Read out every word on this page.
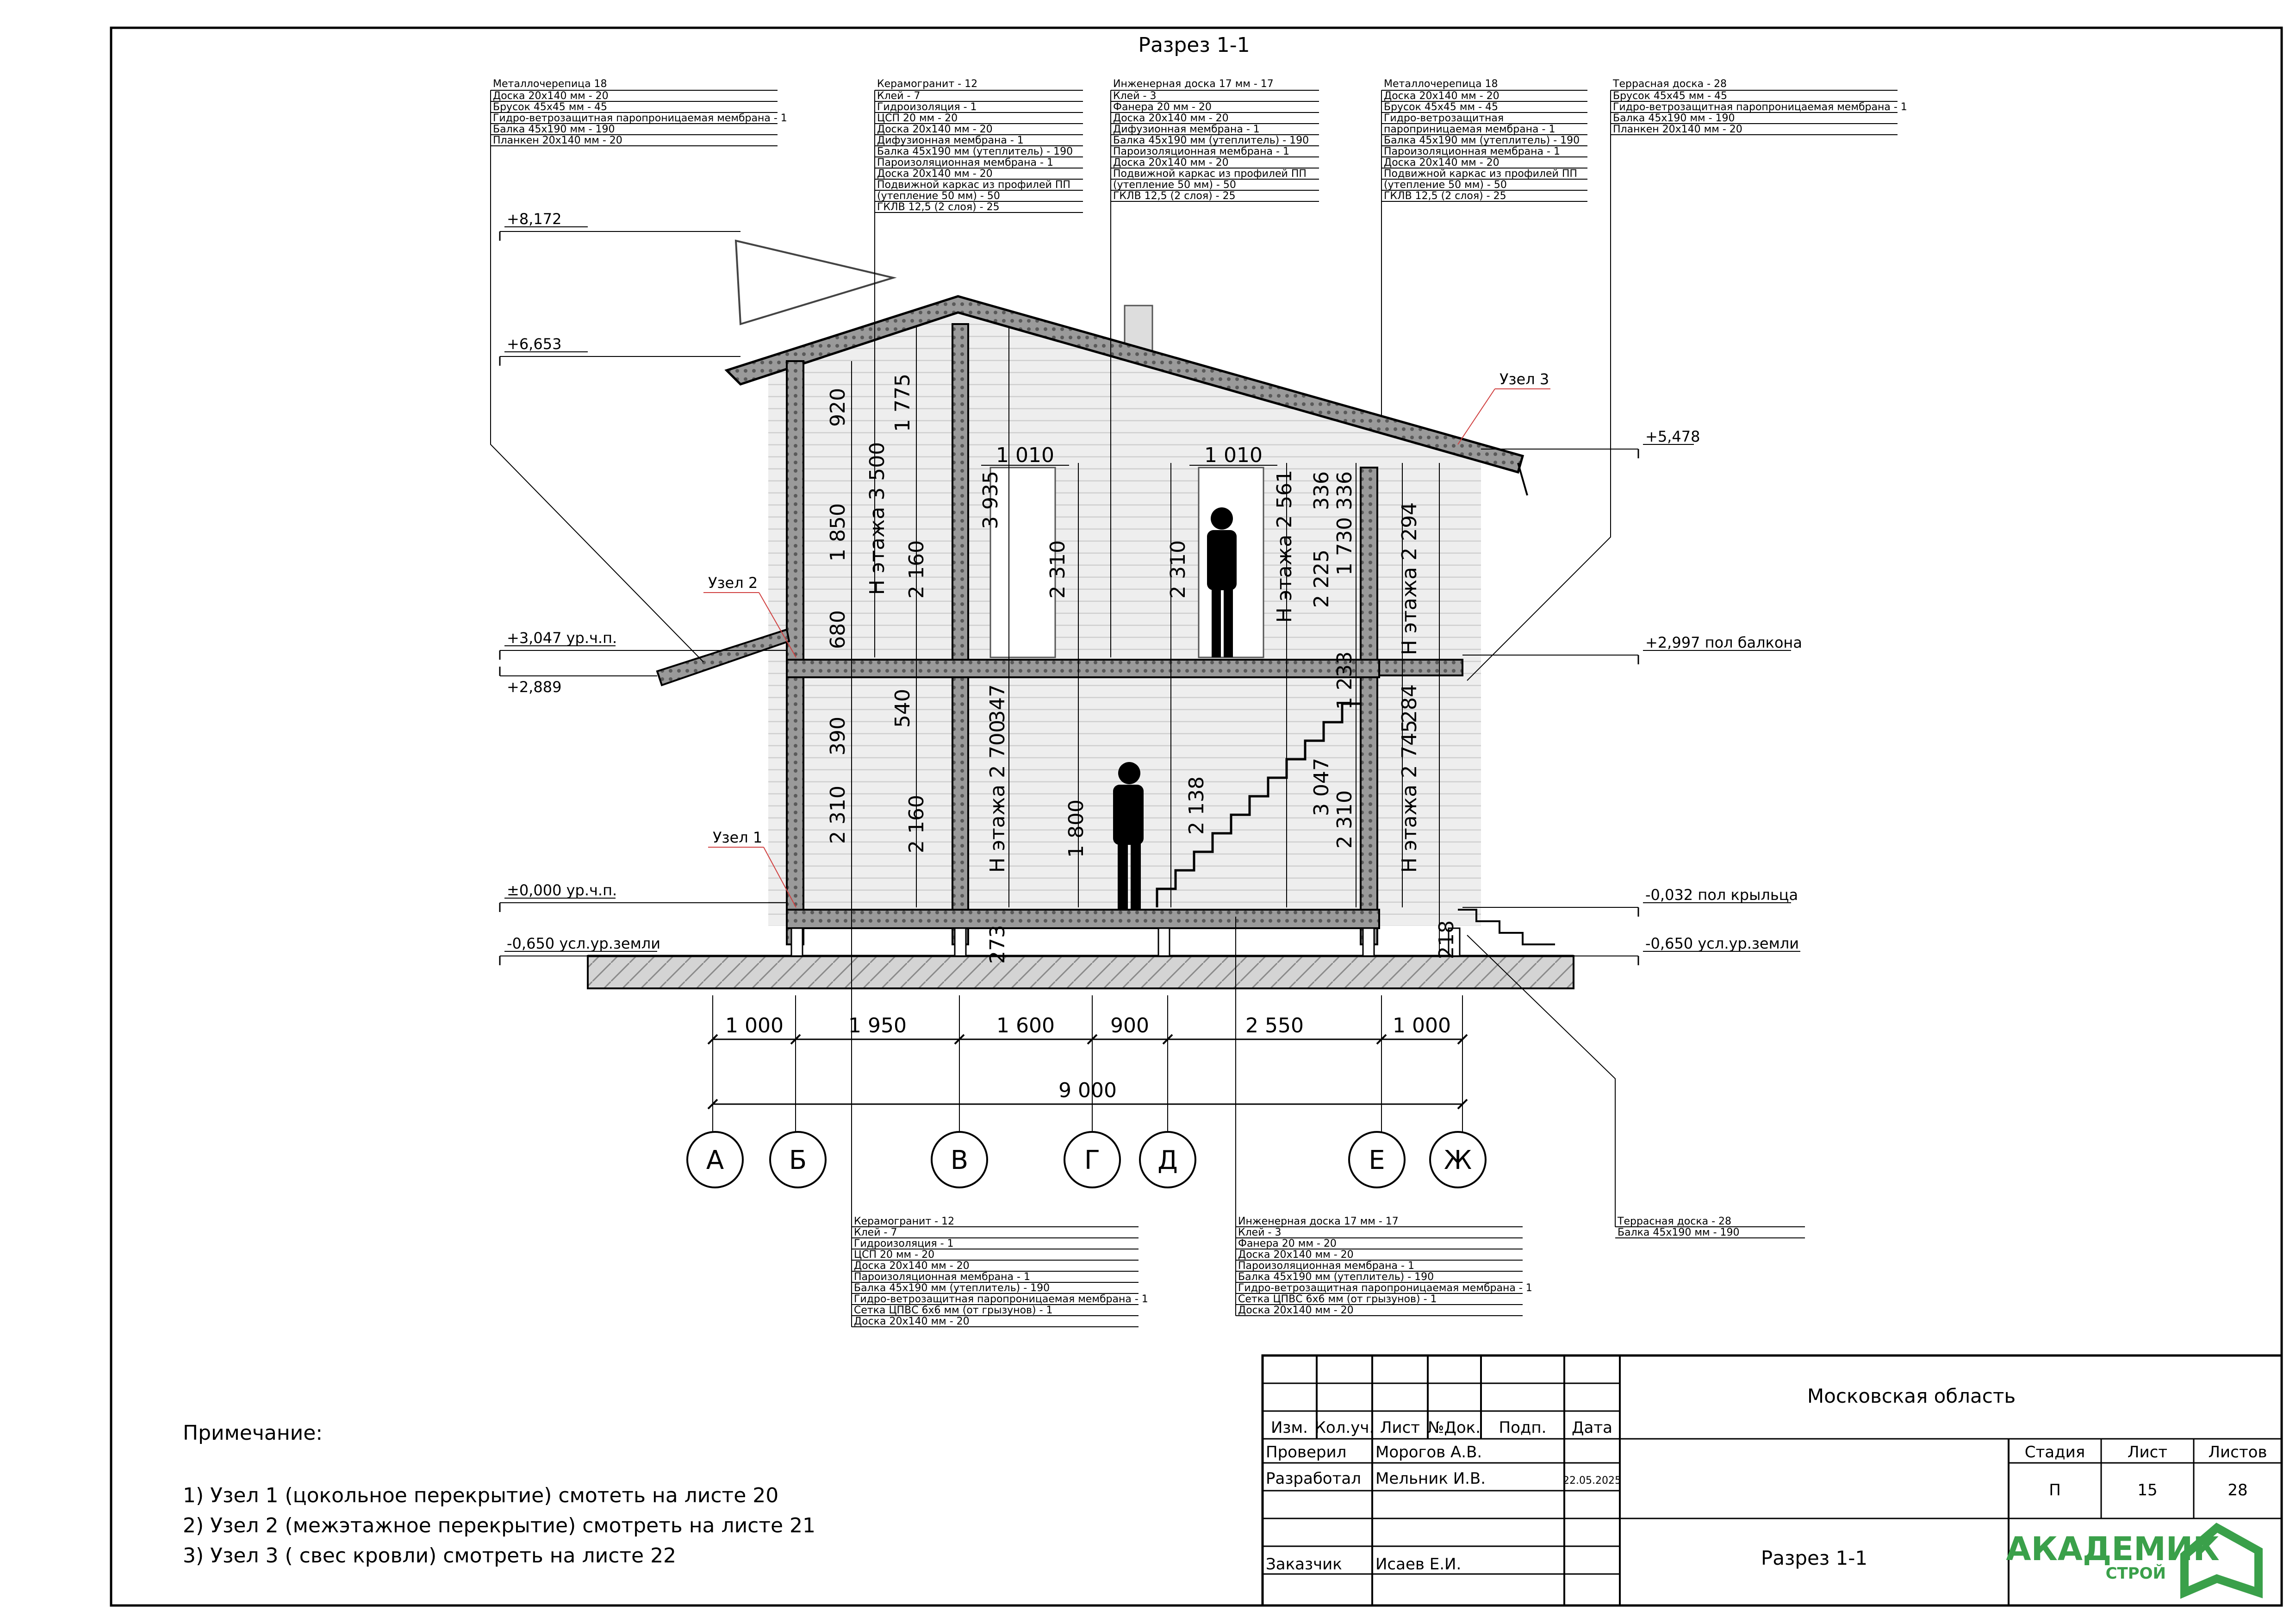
Разрез 1-1
Металлочерепица 18
Доска 20х140 мм - 20
Брусок 45х45 мм - 45
Гидро-ветрозащитная паропроницаемая мембрана - 1
Балка 45х190 мм - 190
Планкен 20х140 мм - 20
Керамогранит - 12
Клей - 7
Гидроизоляция - 1
ЦСП 20 мм - 20
Доска 20х140 мм - 20
Дифузионная мембрана - 1
Балка 45х190 мм (утеплитель) - 190
Пароизоляционная мембрана - 1
Доска 20х140 мм - 20
Подвижной каркас из профилей ПП
(утепление 50 мм) - 50
ГКЛВ 12,5 (2 слоя) - 25
Инженерная доска 17 мм - 17
Клей - 3
Фанера 20 мм - 20
Доска 20х140 мм - 20
Дифузионная мембрана - 1
Балка 45х190 мм (утеплитель) - 190
Пароизоляционная мембрана - 1
Доска 20х140 мм - 20
Подвижной каркас из профилей ПП
(утепление 50 мм) - 50
ГКЛВ 12,5 (2 слоя) - 25
Металлочерепица 18
Доска 20х140 мм - 20
Брусок 45х45 мм - 45
Гидро-ветрозащитная
пароприницаемая мембрана - 1
Балка 45х190 мм (утеплитель) - 190
Пароизоляционная мембрана - 1
Доска 20х140 мм - 20
Подвижной каркас из профилей ПП
(утепление 50 мм) - 50
ГКЛВ 12,5 (2 слоя) - 25
Террасная доска - 28
Брусок 45х45 мм - 45
Гидро-ветрозащитная паропроницаемая мембрана - 1
Балка 45х190 мм - 190
Планкен 20х140 мм - 20
Керамогранит - 12
Клей - 7
Гидроизоляция - 1
ЦСП 20 мм - 20
Доска 20х140 мм - 20
Пароизоляционная мембрана - 1
Балка 45х190 мм (утеплитель) - 190
Гидро-ветрозащитная паропроницаемая мембрана - 1
Сетка ЦПВС 6х6 мм (от грызунов) - 1
Доска 20х140 мм - 20
Инженерная доска 17 мм - 17
Клей - 3
Фанера 20 мм - 20
Доска 20х140 мм - 20
Пароизоляционная мембрана - 1
Балка 45х190 мм (утеплитель) - 190
Гидро-ветрозащитная паропроницаемая мембрана - 1
Сетка ЦПВС 6х6 мм (от грызунов) - 1
Доска 20х140 мм - 20
Террасная доска - 28
Балка 45х190 мм - 190
+8,172
+6,653
+3,047 ур.ч.п.
+2,889
±0,000 ур.ч.п.
-0,650 усл.ур.земли
+5,478
+2,997 пол балкона
-0,032 пол крыльца
-0,650 усл.ур.земли
Узел 1
Узел 2
Узел 3
920 1 775
3 935
1 850 Н этажа 3 500 2 160
680
390
540
2 310	2 160	Н этажа 2 700
347
273
2 310	2 310
1 800	2 138
Н этажа 2 561 2 225
336
1 730
336
1 233
3 047
2 310
Н этажа 2 294
284
Н этажа 2 745
218
1 010	1 010
1 000	1 950	1 600	900	2 550	1 000
9 000
А	Б	В	Г Д	Е Ж
Примечание:
1) Узел 1 (цокольное перекрытие) смотеть на листе 20
2) Узел 2 (межэтажное перекрытие) смотреть на листе 21
3) Узел 3 ( свес кровли) смотреть на листе 22
Изм. Кол.уч. Лист №Док. Подп. Дата
Проверил Морогов А.В.
Разработал Мельник И.В.	22.05.2025
Заказчик Исаев Е.И.
Московская область
Разрез 1-1
Стадия	Лист	Листов
П	15	28
АКАДЕМИК
СТРОЙ
